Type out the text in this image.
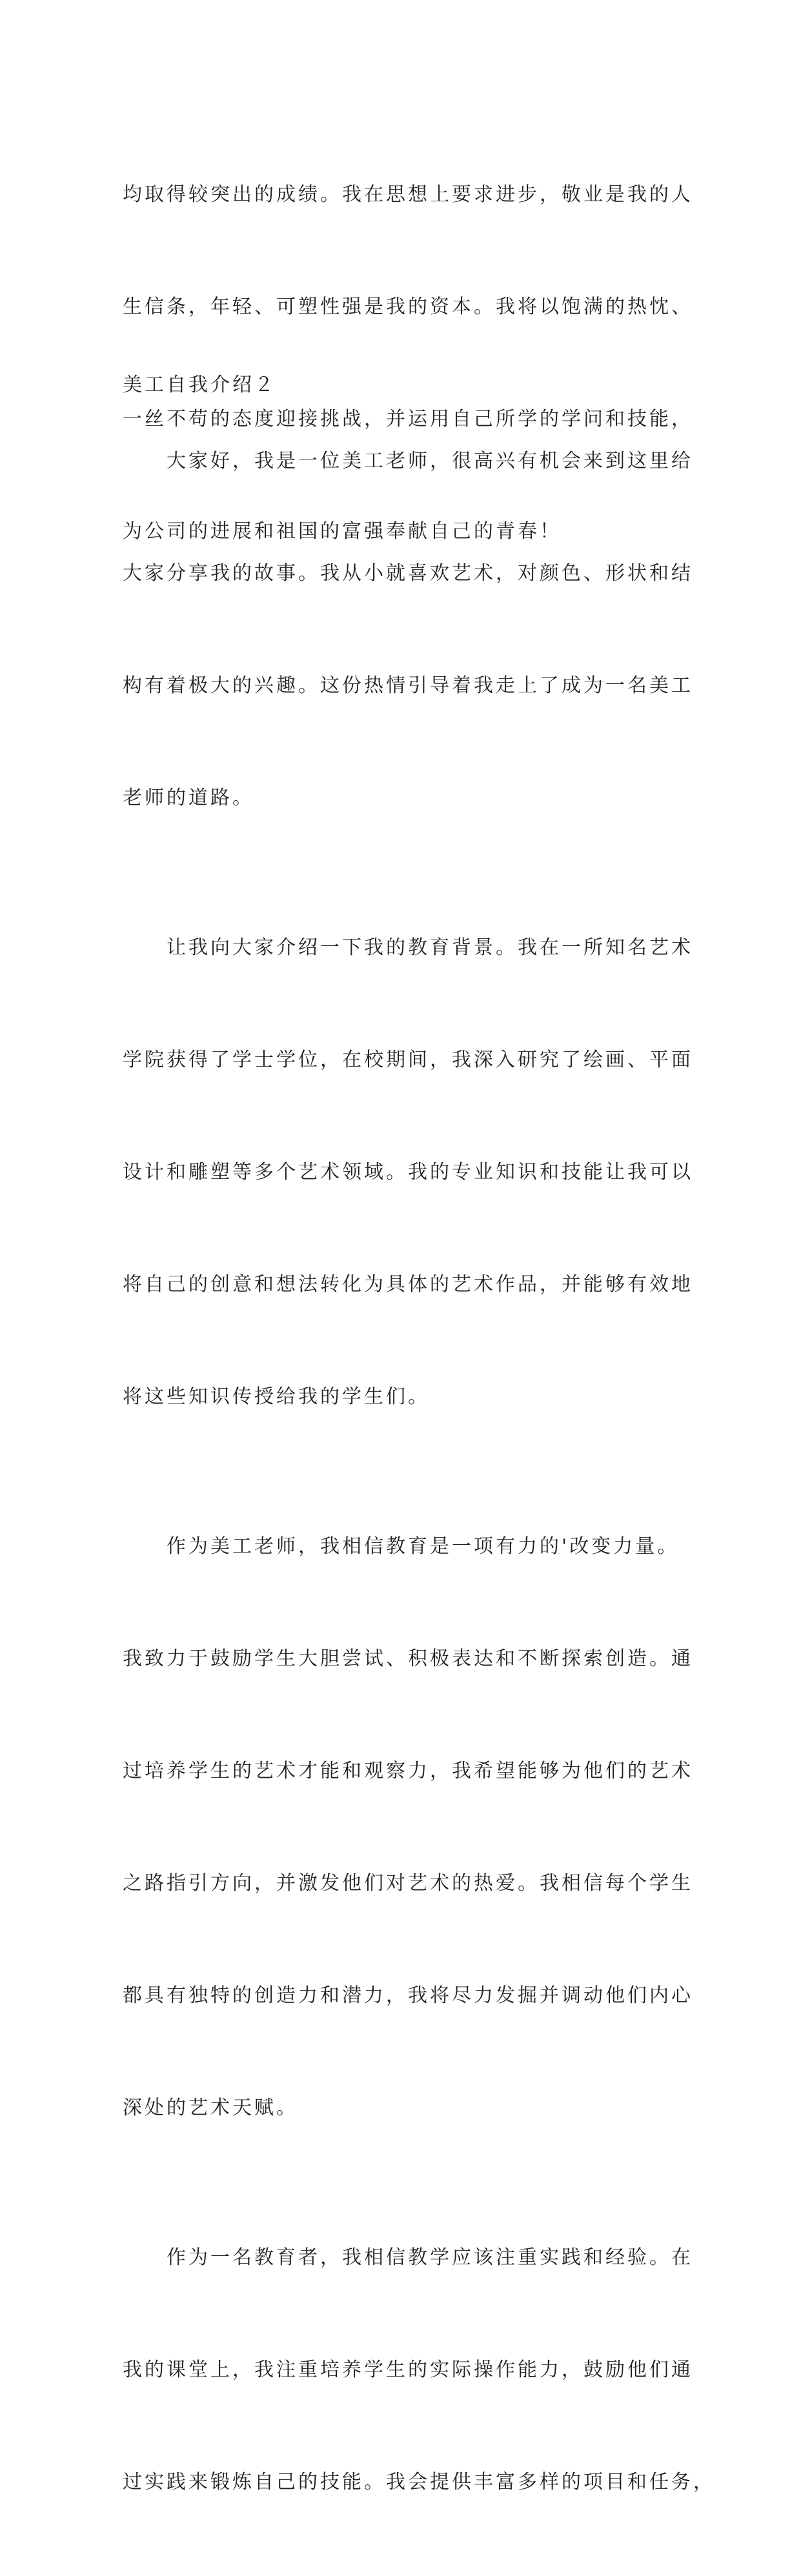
均取得较突出的成绩。我在思想上要求进步，敬业是我的人

生信条，年轻、可塑性强是我的资本。我将以饱满的热忱、

一丝不苟的态度迎接挑战，并运用自己所学的学问和技能，

为公司的进展和祖国的富强奉献自己的青春！

美工自我介绍２

大家好，我是一位美工老师，很高兴有机会来到这里给

大家分享我的故事。我从小就喜欢艺术，对颜色、形状和结

构有着极大的兴趣。这份热情引导着我走上了成为一名美工

老师的道路。

让我向大家介绍一下我的教育背景。我在一所知名艺术

学院获得了学士学位，在校期间，我深入研究了绘画、平面

设计和雕塑等多个艺术领域。我的专业知识和技能让我可以

将自己的创意和想法转化为具体的艺术作品，并能够有效地

将这些知识传授给我的学生们。

作为美工老师，我相信教育是一项有力的'改变力量。

我致力于鼓励学生大胆尝试、积极表达和不断探索创造。通

过培养学生的艺术才能和观察力，我希望能够为他们的艺术

之路指引方向，并激发他们对艺术的热爱。我相信每个学生

都具有独特的创造力和潜力，我将尽力发掘并调动他们内心

深处的艺术天赋。

作为一名教育者，我相信教学应该注重实践和经验。在

我的课堂上，我注重培养学生的实际操作能力，鼓励他们通

过实践来锻炼自己的技能。我会提供丰富多样的项目和任务，
